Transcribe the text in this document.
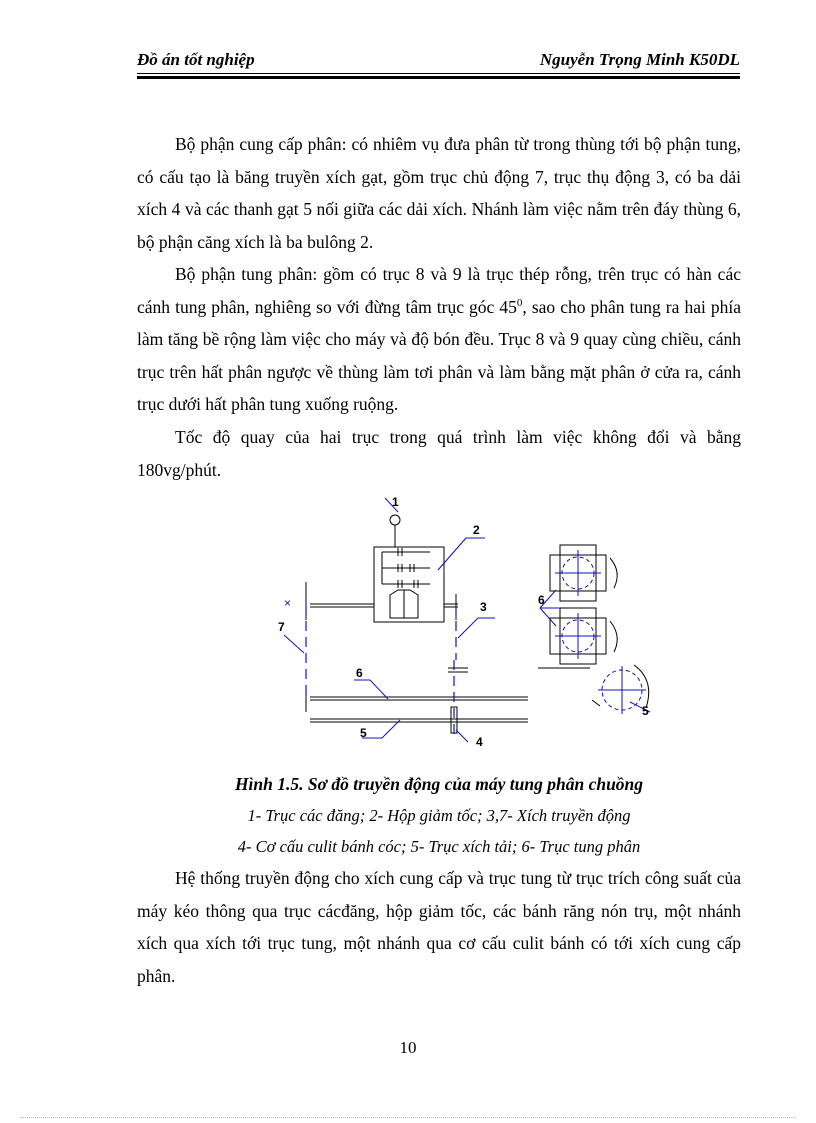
Đồ án tốt nghiệp	Nguyễn Trọng Minh K50DL

Bộ phận cung cấp phân: có nhiêm vụ đưa phân từ trong thùng tới bộ phận tung, có cấu tạo là băng truyền xích gạt, gồm trục chủ động 7, trục thụ động 3, có ba dải xích 4 và các thanh gạt 5 nối giữa các dải xích. Nhánh làm việc nằm trên đáy thùng 6, bộ phận căng xích là ba bulông 2.

Bộ phận tung phân: gồm có trục 8 và 9 là trục thép rỗng, trên trục có hàn các cánh tung phân, nghiêng so với đừng tâm trục góc $45^0$, sao cho phân tung ra hai phía làm tăng bề rộng làm việc cho máy và độ bón đều. Trục 8 và 9 quay cùng chiều, cánh trục trên hất phân ngược về thùng làm tơi phân và làm bằng mặt phân ở cửa ra, cánh trục dưới hất phân tung xuống ruộng.

Tốc độ quay của hai trục trong quá trình làm việc không đổi và bằng 180vg/phút.

1
2
3
4
5
6
7
6
5
×
Hình 1.5. Sơ đồ truyền động của máy tung phân chuồng
1- Trục các đăng; 2- Hộp giảm tốc; 3,7- Xích truyền động
4- Cơ cấu culit bánh cóc; 5- Trục xích tải; 6- Trục tung phân

Hệ thống truyền động cho xích cung cấp và trục tung từ trục trích công suất của máy kéo thông qua trục cácđăng, hộp giảm tốc, các bánh răng nón trụ, một nhánh xích qua xích tới trục tung, một nhánh qua cơ cấu culit bánh có tới xích cung cấp phân.

10
